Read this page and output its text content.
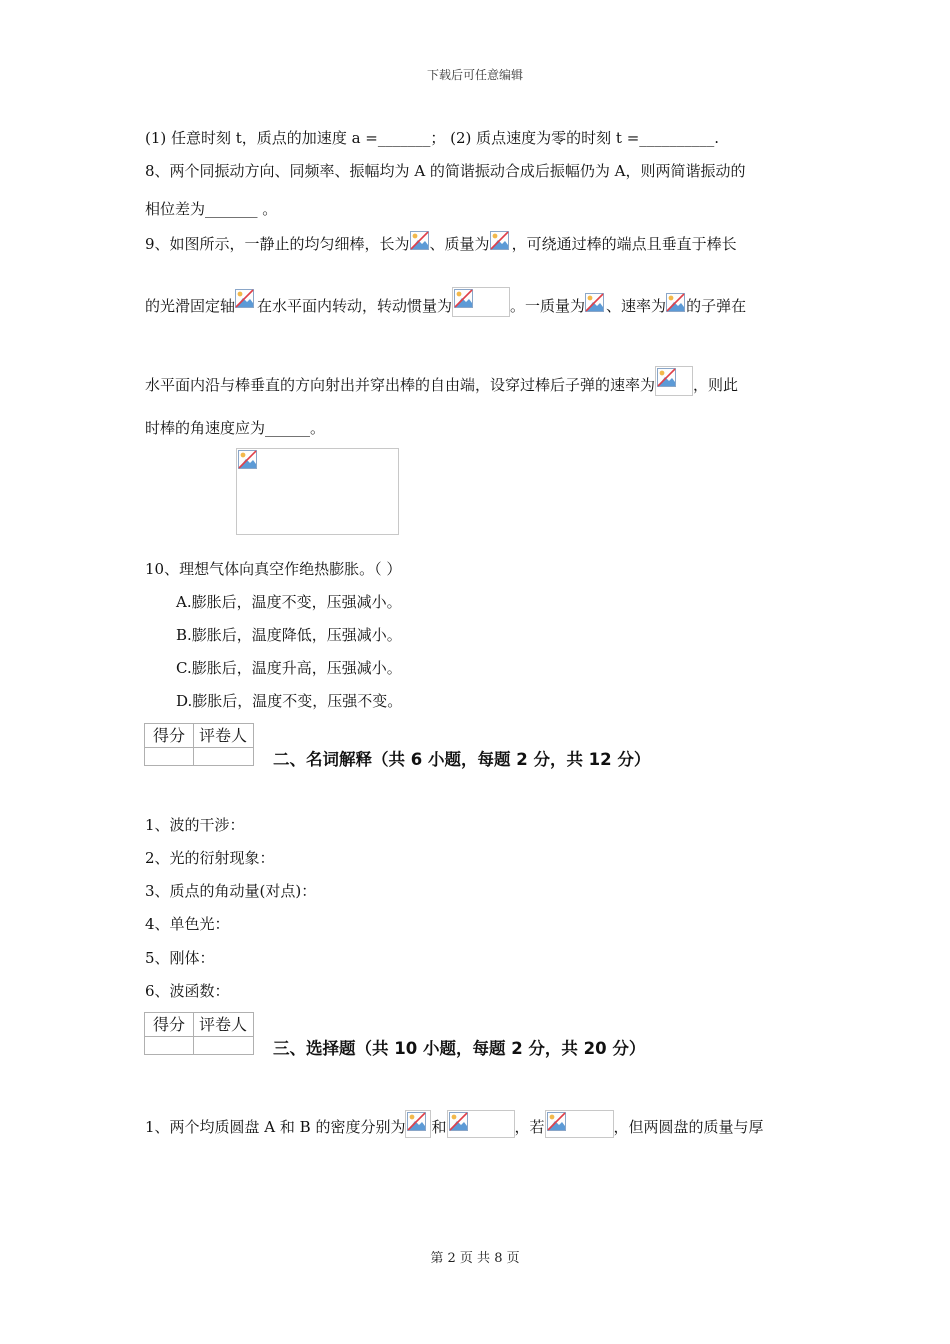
下载后可任意编辑
(1) 任意时刻 t，质点的加速度 a =_______； (2) 质点速度为零的时刻 t =__________.
8、两个同振动方向、同频率、振幅均为 A 的简谐振动合成后振幅仍为 A，则两简谐振动的
相位差为_______ 。
9、如图所示，一静止的均匀细棒，长为 、质量为 ，可绕通过棒的端点且垂直于棒长
的光滑固定轴 在水平面内转动，转动惯量为	。一质量为 、速率为 的子弹在
水平面内沿与棒垂直的方向射出并穿出棒的自由端，设穿过棒后子弹的速率为	，则此
时棒的角速度应为______。
10、理想气体向真空作绝热膨胀。（ ）
A.膨胀后，温度不变，压强减小。
B.膨胀后，温度降低，压强减小。
C.膨胀后，温度升高，压强减小。
D.膨胀后，温度不变，压强不变。
得分 评卷人
二、名词解释（共 6 小题，每题 2 分，共 12 分）
1、波的干涉：
2、光的衍射现象：
3、质点的角动量(对点)：
4、单色光：
5、刚体：
6、波函数：
得分 评卷人
三、选择题（共 10 小题，每题 2 分，共 20 分）
1、两个均质圆盘 A 和 B 的密度分别为 和	，若	，但两圆盘的质量与厚
第 2 页 共 8 页
